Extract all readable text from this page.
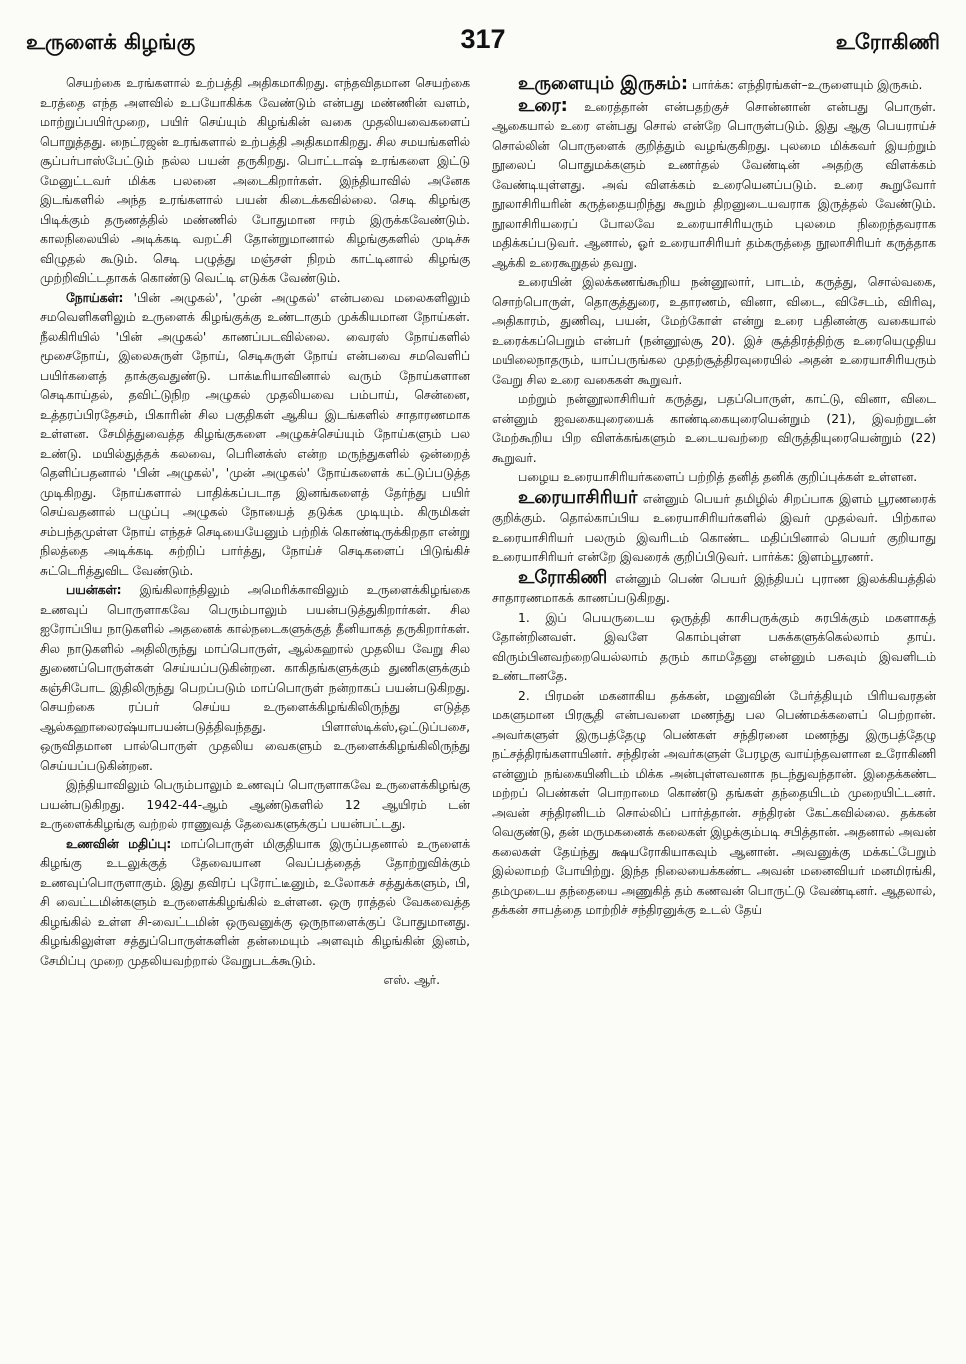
உருளைக் கிழங்கு	317	உரோகிணி

செயற்கை உரங்களால் உற்பத்தி அதிகமாகிறது. எந்தவிதமான செயற்கை உரத்தை எந்த அளவில் உபயோகிக்க வேண்டும் என்பது மண்ணின் வளம், மாற்றுப்பயிர்முறை, பயிர் செய்யும் கிழங்கின் வகை முதலியவைகளைப் பொறுத்தது. நைட்ரஜன் உரங்களால் உற்பத்தி அதிகமாகிறது. சில சமயங்களில் சூப்பர்பாஸ்பேட்டும் நல்ல பயன் தருகிறது. பொட்டாஷ் உரங்களை இட்டு மேனுட்டவர் மிக்க பலனை அடைகிறார்கள். இந்தியாவில் அனேக இடங்களில் அந்த உரங்களால் பயன் கிடைக்கவில்லை. செடி கிழங்கு பிடிக்கும் தருணத்தில் மண்ணில் போதுமான ஈரம் இருக்கவேண்டும். காலநிலையில் அடிக்கடி வறட்சி தோன்றுமானால் கிழங்குகளில் முடிச்சு விழுதல் கூடும். செடி பழுத்து மஞ்சள் நிறம் காட்டினால் கிழங்கு முற்றிவிட்டதாகக் கொண்டு வெட்டி எடுக்க வேண்டும்.

நோய்கள்: 'பின் அழுகல்', 'முன் அழுகல்' என்பவை மலைகளிலும் சமவெளிகளிலும் உருளைக் கிழங்குக்கு உண்டாகும் முக்கியமான நோய்கள். நீலகிரியில் 'பின் அழுகல்' காணப்படவில்லை. வைரஸ் நோய்களில் மூசைநோய், இலைசுருள் நோய், செடிசுருள் நோய் என்பவை சமவெளிப் பயிர்களைத் தாக்குவதுண்டு. பாக்டீரியாவினால் வரும் நோய்களான செடிகாய்தல், தவிட்டுநிற அழுகல் முதலியவை பம்பாய், சென்னை, உத்தரப்பிரதேசம், பிகாரின் சில பகுதிகள் ஆகிய இடங்களில் சாதாரணமாக உள்ளன. சேமித்துவைத்த கிழங்குகளை அழுகச்செய்யும் நோய்களும் பல உண்டு. மயில்துத்தக் கலவை, பெரினக்ஸ் என்ற மருந்துகளில் ஒன்றைத் தெளிப்பதனால் 'பின் அழுகல்', 'முன் அழுகல்' நோய்களைக் கட்டுப்படுத்த முடிகிறது. நோய்களால் பாதிக்கப்படாத இனங்களைத் தேர்ந்து பயிர் செய்வதனால் பழுப்பு அழுகல் நோயைத் தடுக்க முடியும். கிருமிகள் சம்பந்தமுள்ள நோய் எந்தச் செடியையேனும் பற்றிக் கொண்டிருக்கிறதா என்று நிலத்தை அடிக்கடி சுற்றிப் பார்த்து, நோய்ச் செடிகளைப் பிடுங்கிச் சுட்டெரித்துவிட வேண்டும்.

பயன்கள்: இங்கிலாந்திலும் அமெரிக்காவிலும் உருளைக்கிழங்கை உணவுப் பொருளாகவே பெரும்பாலும் பயன்படுத்துகிறார்கள். சில ஐரோப்பிய நாடுகளில் அதனைக் கால்நடைகளுக்குத் தீனியாகத் தருகிறார்கள். சில நாடுகளில் அதிலிருந்து மாப்பொருள், ஆல்கஹால் முதலிய வேறு சில துணைப்பொருள்கள் செய்யப்படுகின்றன. காகிதங்களுக்கும் துணிகளுக்கும் கஞ்சிபோட இதிலிருந்து பெறப்படும் மாப்பொருள் நன்றாகப் பயன்படுகிறது. செயற்கை ரப்பர் செய்ய உருளைக்கிழங்கிலிருந்து எடுத்த ஆல்கஹாலைரஷ்யாபயன்படுத்திவந்தது. பிளாஸ்டிக்ஸ்,ஒட்டுப்பசை, ஒருவிதமான பால்பொருள் முதலிய வைகளும் உருளைக்கிழங்கிலிருந்து செய்யப்படுகின்றன.

இந்தியாவிலும் பெரும்பாலும் உணவுப் பொருளாகவே உருளைக்கிழங்கு பயன்படுகிறது. 1942-44-ஆம் ஆண்டுகளில் 12 ஆயிரம் டன் உருளைக்கிழங்கு வற்றல் ராணுவத் தேவைகளுக்குப் பயன்பட்டது.

உணவின் மதிப்பு: மாப்பொருள் மிகுதியாக இருப்பதனால் உருளைக் கிழங்கு உடலுக்குத் தேவையான வெப்பத்தைத் தோற்றுவிக்கும் உணவுப்பொருளாகும். இது தவிரப் புரோட்டீனும், உலோகச் சத்துக்களும், பி, சி வைட்டமின்களும் உருளைக்கிழங்கில் உள்ளன. ஒரு ராத்தல் வேகவைத்த கிழங்கில் உள்ள சி-வைட்டமின் ஒருவனுக்கு ஒருநாளைக்குப் போதுமானது. கிழங்கிலுள்ள சத்துப்பொருள்களின் தன்மையும் அளவும் கிழங்கின் இனம், சேமிப்பு முறை முதலியவற்றால் வேறுபடக்கூடும்.

எஸ். ஆர்.

உருளையும் இருசும்: பார்க்க: எந்திரங்கள்–உருளையும் இருசும்.

உரை: உரைத்தான் என்பதற்குச் சொன்னான் என்பது பொருள். ஆகையால் உரை என்பது சொல் என்றே பொருள்படும். இது ஆகு பெயராய்ச் சொல்லின் பொருளைக் குறித்தும் வழங்குகிறது. புலமை மிக்கவர் இயற்றும் நூலைப் பொதுமக்களும் உணர்தல் வேண்டின் அதற்கு விளக்கம் வேண்டியுள்ளது. அவ் விளக்கம் உரையெனப்படும். உரை கூறுவோர் நூலாசிரியரின் கருத்தையறிந்து கூறும் திறனுடையவராக இருத்தல் வேண்டும். நூலாசிரியரைப் போலவே உரையாசிரியரும் புலமை நிறைந்தவராக மதிக்கப்படுவர். ஆனால், ஓர் உரையாசிரியர் தம்கருத்தை நூலாசிரியர் கருத்தாக ஆக்கி உரைகூறுதல் தவறு.

உரையின் இலக்கணங்கூறிய நன்னூலார், பாடம், கருத்து, சொல்வகை, சொற்பொருள், தொகுத்துரை, உதாரணம், வினா, விடை, விசேடம், விரிவு, அதிகாரம், துணிவு, பயன், மேற்கோள் என்று உரை பதினன்கு வகையால் உரைக்கப்பெறும் என்பர் (நன்னூல்சூ 20). இச் சூத்திரத்திற்கு உரையெழுதிய மயிலைநாதரும், யாப்பருங்கல முதற்சூத்திரவுரையில் அதன் உரையாசிரியரும் வேறு சில உரை வகைகள் கூறுவர்.

மற்றும் நன்னூலாசிரியர் கருத்து, பதப்பொருள், காட்டு, வினா, விடை என்னும் ஐவகையுரையைக் காண்டிகையுரையென்றும் (21), இவற்றுடன் மேற்கூறிய பிற விளக்கங்களும் உடையவற்றை விருத்தியுரையென்றும் (22) கூறுவர்.

பழைய உரையாசிரியர்களைப் பற்றித் தனித் தனிக் குறிப்புக்கள் உள்ளன.

உரையாசிரியர் என்னும் பெயர் தமிழில் சிறப்பாக இளம் பூரணரைக் குறிக்கும். தொல்காப்பிய உரையாசிரியர்களில் இவர் முதல்வர். பிற்கால உரையாசிரியர் பலரும் இவரிடம் கொண்ட மதிப்பினால் பெயர் குறியாது உரையாசிரியர் என்றே இவரைக் குறிப்பிடுவர். பார்க்க: இளம்பூரணர்.

உரோகிணி என்னும் பெண் பெயர் இந்தியப் புராண இலக்கியத்தில் சாதாரணமாகக் காணப்படுகிறது.

1. இப் பெயருடைய ஒருத்தி காசிபருக்கும் சுரபிக்கும் மகளாகத் தோன்றினவள். இவளே கொம்புள்ள பசுக்களுக்கெல்லாம் தாய். விரும்பினவற்றையெல்லாம் தரும் காமதேனு என்னும் பசுவும் இவளிடம் உண்டானதே.

2. பிரமன் மகனாகிய தக்கன், மனுவின் பேர்த்தியும் பிரியவரதன் மகளுமான பிரசூதி என்பவளை மணந்து பல பெண்மக்களைப் பெற்றான். அவர்களுள் இருபத்தேழு பெண்கள் சந்திரனை மணந்து இருபத்தேழு நட்சத்திரங்களாயினர். சந்திரன் அவர்களுள் பேரழகு வாய்ந்தவளான உரோகிணி என்னும் நங்கையினிடம் மிக்க அன்புள்ளவனாக நடந்துவந்தான். இதைக்கண்ட மற்றப் பெண்கள் பொறாமை கொண்டு தங்கள் தந்தையிடம் முறையிட்டனர். அவன் சந்திரனிடம் சொல்லிப் பார்த்தான். சந்திரன் கேட்கவில்லை. தக்கன் வெகுண்டு, தன் மருமகனைக் கலைகள் இழக்கும்படி சபித்தான். அதனால் அவன் கலைகள் தேய்ந்து க்ஷயரோகியாகவும் ஆனான். அவனுக்கு மக்கட்பேறும் இல்லாமற் போயிற்று. இந்த நிலையைக்கண்ட அவன் மனைவியர் மனமிரங்கி, தம்முடைய தந்தையை அணுகித் தம் கணவன் பொருட்டு வேண்டினர். ஆதலால், தக்கன் சாபத்தை மாற்றிச் சந்திரனுக்கு உடல் தேய்
